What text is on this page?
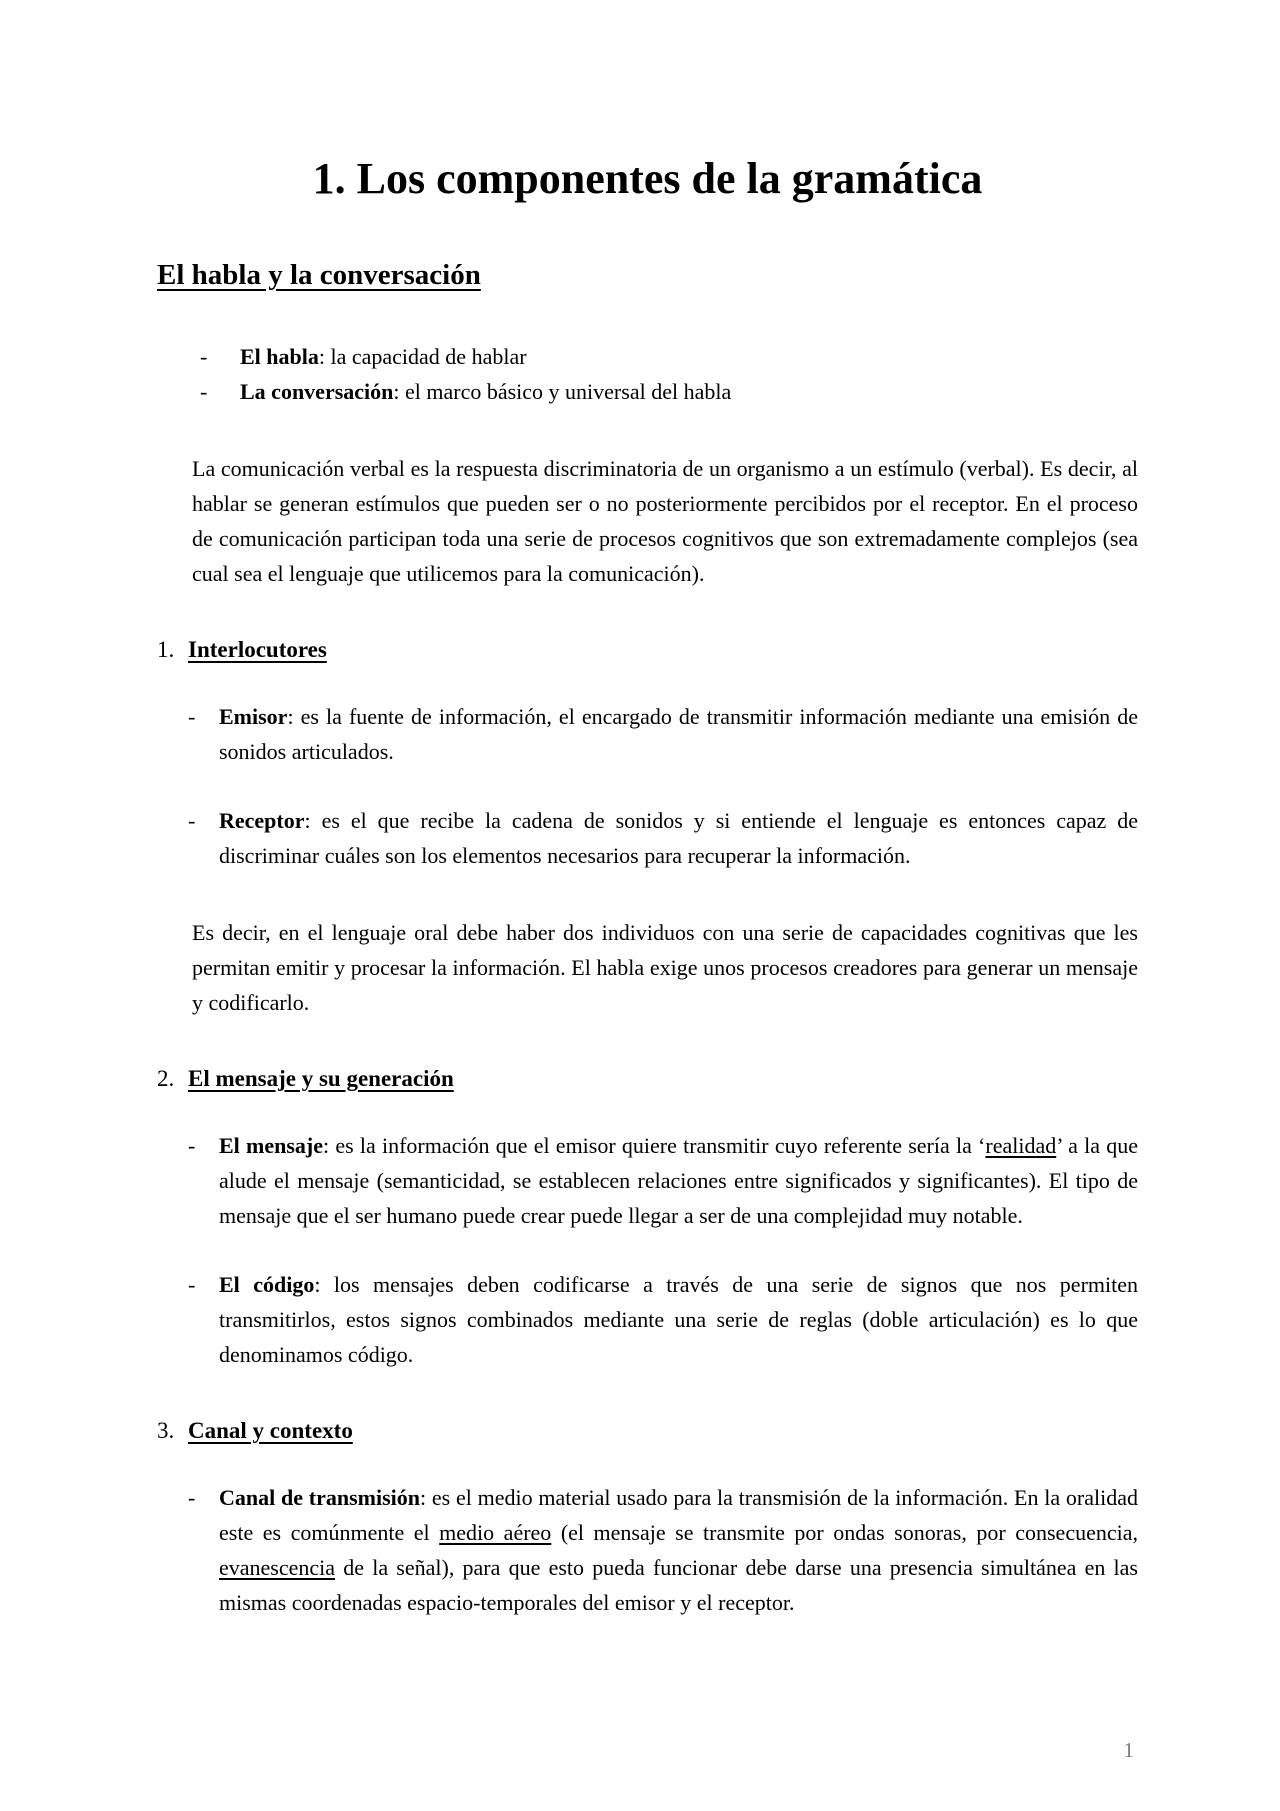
1. Los componentes de la gramática
El habla y la conversación
-	El habla: la capacidad de hablar
-	La conversación: el marco básico y universal del habla

La comunicación verbal es la respuesta discriminatoria de un organismo a un estímulo (verbal). Es decir, al hablar se generan estímulos que pueden ser o no posteriormente percibidos por el receptor. En el proceso de comunicación participan toda una serie de procesos cognitivos que son extremadamente complejos (sea cual sea el lenguaje que utilicemos para la comunicación).

1. Interlocutores
-	Emisor: es la fuente de información, el encargado de transmitir información mediante una emisión de sonidos articulados.
-	Receptor: es el que recibe la cadena de sonidos y si entiende el lenguaje es entonces capaz de discriminar cuáles son los elementos necesarios para recuperar la información.

Es decir, en el lenguaje oral debe haber dos individuos con una serie de capacidades cognitivas que les permitan emitir y procesar la información. El habla exige unos procesos creadores para generar un mensaje y codificarlo.

2. El mensaje y su generación
-	El mensaje: es la información que el emisor quiere transmitir cuyo referente sería la ‘realidad’ a la que alude el mensaje (semanticidad, se establecen relaciones entre significados y significantes). El tipo de mensaje que el ser humano puede crear puede llegar a ser de una complejidad muy notable.
-	El código: los mensajes deben codificarse a través de una serie de signos que nos permiten transmitirlos, estos signos combinados mediante una serie de reglas (doble articulación) es lo que denominamos código.
3. Canal y contexto
-	Canal de transmisión: es el medio material usado para la transmisión de la información. En la oralidad este es comúnmente el medio aéreo (el mensaje se transmite por ondas sonoras, por consecuencia, evanescencia de la señal), para que esto pueda funcionar debe darse una presencia simultánea en las mismas coordenadas espacio-temporales del emisor y el receptor.
1
